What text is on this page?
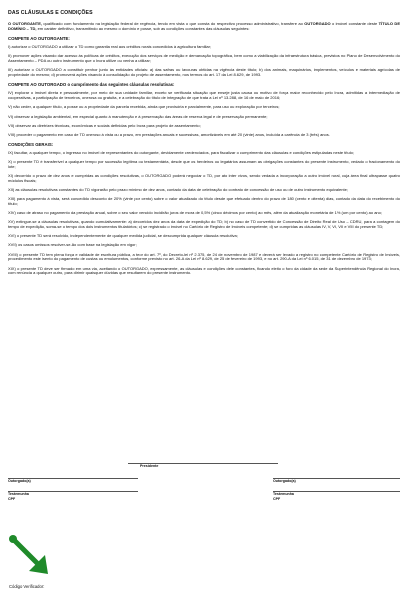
DAS CLÁUSULAS E CONDIÇÕES
O OUTORGANTE, qualificado com fundamento na legislação federal de regência, tendo em vista o que consta do respectivo processo administrativo, transfere ao OUTORGADO o imóvel constante deste TÍTULO DE DOMÍNIO – TD, em caráter definitivo, transmitindo ao mesmo o domínio e posse, sob as condições constantes das cláusulas seguintes:
COMPETE AO OUTORGANTE:
I) autorizar o OUTORGADO a utilizar o TD como garantia real aos créditos rurais concedidos à agricultura familiar;
II) promover ações visando dar acesso às políticas de créditos, execução dos serviços de medição e demarcação topográfica, bem como a viabilização da infraestrutura básica, previstos no Plano de Desenvolvimento do Assentamento – PDA ou outro instrumento que o Incra utilize ou venha a utilizar;
III) autorizar o OUTORGADO a constituir penhor junto às entidades oficiais: a) das safras ou lavouras obtidas na vigência deste título; b) dos animais, maquinários, implementos, veículos e materiais agrícolas de propriedade do mesmo; d) promoverá ações visando à consolidação do projeto de assentamento, nos termos do art. 17 da Lei 8.629, de 1993.
COMPETE AO OUTORGADO o cumprimento das seguintes cláusulas resolutivas:
IV) explorar o imóvel direta e pessoalmente, por meio de sua unidade familiar, exceto se verificada situação que enseje justa causa ou motivo de força maior reconhecido pelo Incra, admitidas a intermediação de cooperativas, a participação de terceiros, onerosa ou gratuita, e a celebração do título de integração de que trata a Lei nº 13.288, de 16 de maio de 2016;
V) não ceder, a qualquer título, a posse ou a propriedade da parcela recebida, ainda que provisória e parcialmente, para uso ou exploração por terceiros;
VI) observar a legislação ambiental, em especial quanto à manutenção e à preservação das áreas de reserva legal e de preservação permanente;
VII) observar as diretrizes técnicas, econômicas e sociais definidas pelo Incra para projeto de assentamento;
VIII) proceder o pagamento em caso de TD oneroso à vista ou a prazo, em prestações anuais e sucessivas, amortizáveis em até 20 (vinte) anos, incluída a carência de 3 (três) anos.
CONDIÇÕES GERAIS:
IX) facultar, a qualquer tempo, o ingresso no imóvel de representantes do outorgante, devidamente credenciados, para fiscalizar o cumprimento das cláusulas e condições estipuladas neste título;
X) o presente TD é transferível a qualquer tempo por sucessão legítima ou testamentária, desde que os herdeiros ou legatários assumam as obrigações constantes do presente instrumento, vedado o fracionamento do lote;
XI) decorrido o prazo de dez anos e cumpridas as condições resolutivas, o OUTORGADO poderá negociar o TD, por ato inter vivos, sendo vedada a incorporação a outro imóvel rural, cuja área final ultrapasse quatro módulos fiscais;
XII) as cláusulas resolutivas constantes do TD vigorarão pelo prazo mínimo de dez anos, contado da data de celebração do contrato de concessão de uso ou de outro instrumento equivalente;
XIII) para pagamento à vista, será concedido desconto de 20% (vinte por cento) sobre o valor atualizado do título desde que efetuado dentro do prazo de 180 (cento e oitenta) dias, contado da data do recebimento do título;
XIV) caso de atraso no pagamento da prestação anual, sobre o seu valor vencido incidirão juros de mora de 0,5% (cinco décimos por cento) ao mês, além da atualização monetária de 1% (um por cento) ao ano;
XV) extingue-se a cláusulas resolutivas, quando cumulativamente: a) decorridos dez anos da data de expedição do TD; b) no caso de TD convertido de Concessão de Direito Real de Uso – CDRU, para a contagem do tempo de expedição, soma-se o tempo dos dois instrumentos titulatórios; c) se registrado o imóvel no Cartório de Registro de Imóveis competente; d) se cumpridas as cláusulas IV, V, VI, VII e VIII do presente TD;
XVI) o presente TD será resolvido, independentemente de qualquer medida judicial, se descumprida qualquer cláusula resolutiva;
XVII) os casos omissos resolver-se-ão com base na legislação em vigor;
XVIII) o presente TD tem plena força e validade de escritura pública, a teor do art. 7º, do Decreto-lei nº 2.375, de 24 de novembro de 1987 e deverá ser levado a registro no competente Cartório de Registro de Imóveis, procedimento este isento do pagamento de custas ou emolumentos, conforme previsto no art. 26-A da Lei nº 8.629, de 25 de fevereiro de 1993, e no art. 290-A da Lei nº 6.015, de 31 de dezembro de 1973;
XIX) o presente TD deve ser firmado em uma via, aceitando o OUTORGADO, expressamente, as cláusulas e condições dele constantes, ficando eleito o foro da cidade da sede da Superintendência Regional do Incra, com renúncia a qualquer outro, para dirimir quaisquer dúvidas que resultarem do presente instrumento.
Presidente
Outorgado(a)	Outorgado(a)
Testemunha
CPF
Testemunha
CPF
Código Verificador:
